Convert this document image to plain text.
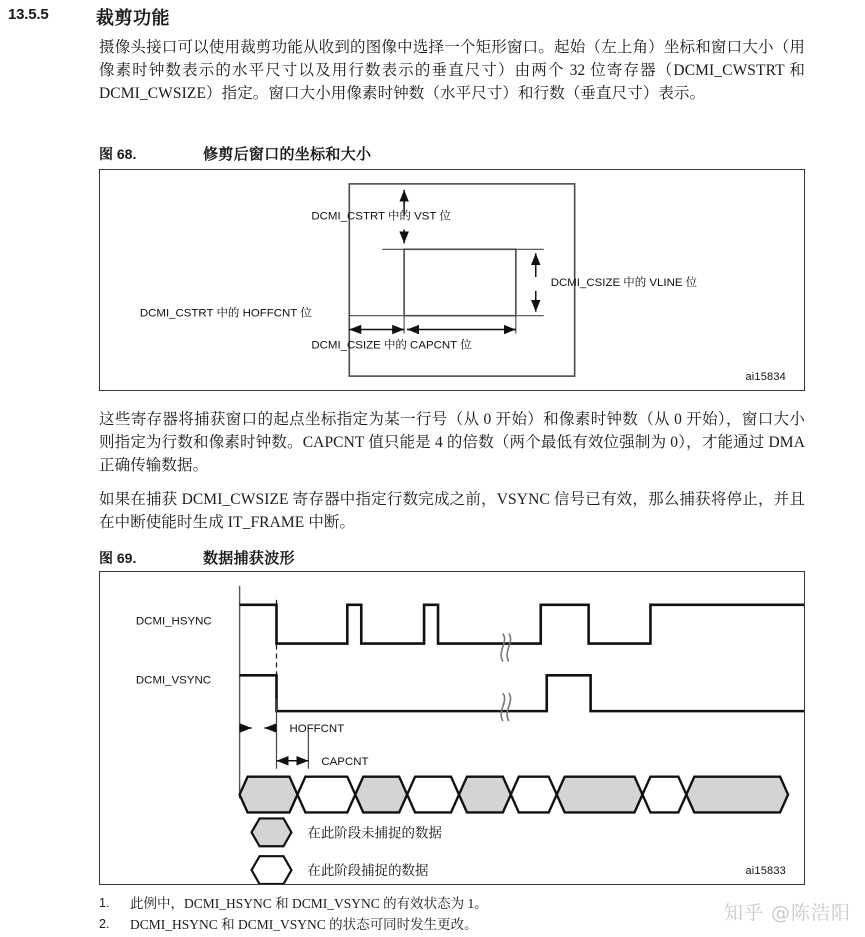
13.5.5	裁剪功能
摄像头接口可以使用裁剪功能从收到的图像中选择一个矩形窗口。起始（左上角）坐标和窗口大小（用像素时钟数表示的水平尺寸以及用行数表示的垂直尺寸）由两个 32 位寄存器（DCMI_CWSTRT 和 DCMI_CWSIZE）指定。窗口大小用像素时钟数（水平尺寸）和行数（垂直尺寸）表示。
图 68.	修剪后窗口的坐标和大小
DCMI_CSTRT 中的 VST 位
DCMI_CSIZE 中的 VLINE 位
DCMI_CSTRT 中的 HOFFCNT 位
DCMI_CSIZE 中的 CAPCNT 位
ai15834
这些寄存器将捕获窗口的起点坐标指定为某一行号（从 0 开始）和像素时钟数（从 0 开始），窗口大小则指定为行数和像素时钟数。CAPCNT 值只能是 4 的倍数（两个最低有效位强制为 0），才能通过 DMA 正确传输数据。
如果在捕获 DCMI_CWSIZE 寄存器中指定行数完成之前，VSYNC 信号已有效，那么捕获将停止，并且在中断使能时生成 IT_FRAME 中断。
图 69.	数据捕获波形
DCMI_HSYNC
DCMI_VSYNC
HOFFCNT
CAPCNT
在此阶段未捕捉的数据
在此阶段捕捉的数据	ai15833
1. 此例中，DCMI_HSYNC 和 DCMI_VSYNC 的有效状态为 1。
2. DCMI_HSYNC 和 DCMI_VSYNC 的状态可同时发生更改。
知乎 @陈浩阳
